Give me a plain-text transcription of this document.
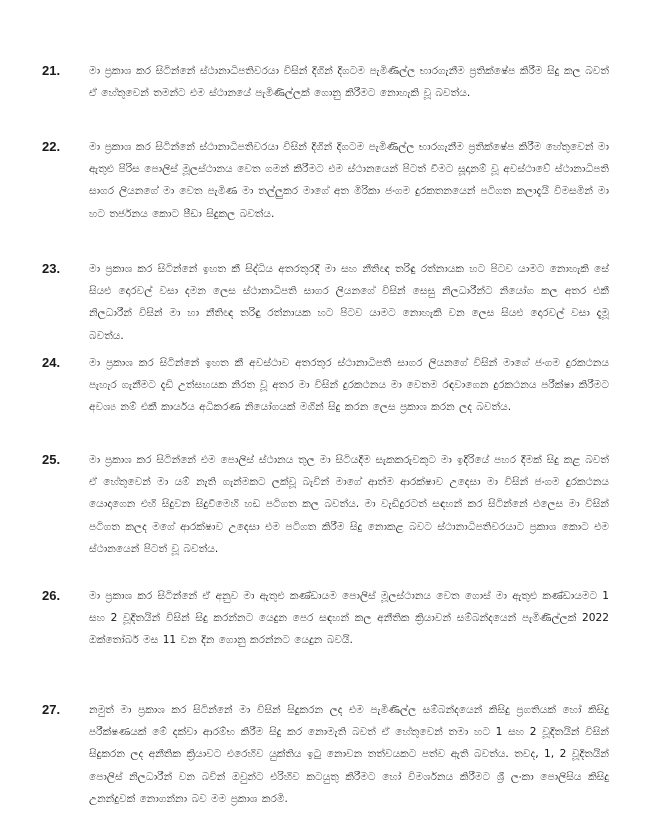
21.	මා ප්‍රකාශ කර සිටින්නේ ස්ථානාධිපතිවරයා විසින් දිගින් දිගටම පැමිණිල්ල භාරගැනීම ප්‍රතික්ෂේප කිරීම සිදු කල බවත් ඒ හේතුවෙන් තමන්ට එම ස්ථානයේ පැමිණිල්ලක් ගොනු කිරීමට නොහැකි වූ බවත්ය.
22.	මා ප්‍රකාශ කර සිටින්නේ ස්ථානාධිපතිවරයා විසින් දිගින් දිගටම පැමිණිල්ල භාරගැනීම ප්‍රතික්ෂේප කිරීම හේතුවෙන් මා ඇතුළු පිරිස පොලිස් මූලස්ථානය වෙත ගමන් කිරීමට එම ස්ථානයෙන් පිටත් වීමට සූදානම් වූ අවස්ථාවේ ස්ථානාධිපති සාගර ලියනගේ මා වෙත පැමිණ මා තල්ලුකර මාගේ අත මිරිකා ජංගම දුරකතනයෙන් පටිගත කලාදැයි විමසමින් මා හට තර්ජනය කොට පීඩා සිදුකල බවත්ය.
23.	මා ප්‍රකාශ කර සිටින්නේ ඉහත කී සිද්ධිය අතරතුරදී මා සහ නීතිඥ තරිඳු රත්නායක හට පිටව යාමට නොහැකි සේ සියළු දොරවල් වසා දමන ලෙස ස්ථානාධිපති සාගර ලියනගේ විසින් සෙසු නිලධාරීන්ට නියෝග කල අතර එකී නිලධාරීන් විසින් මා හා නීතිඥ තරිඳු රත්නායක හට පිටව යාමට නොහැකි වන ලෙස සියළු දොරවල් වසා දැමූ බවත්ය.
24.	මා ප්‍රකාශ කර සිටින්නේ ඉහත කී අවස්ථාව අතරතුර ස්ථානාධිපති සාගර ලියනගේ විසින් මාගේ ජංගම දුරකථනය පැහැර ගැනීමට දැඩි උත්සහයක නිරත වූ අතර මා විසින් දුරකථනය මා වෙතම රඳවාගෙන දුරකථනය පරීක්ෂා කිරීමට අවශ්‍ය නම් එකී කාර්යය අධිකරණ නියෝගයක් මගින් සිදු කරන ලෙස ප්‍රකාශ කරන ලද බවත්ය.
25.	මා ප්‍රකාශ කර සිටින්නේ එම පොලිස් ස්ථානය තුල මා සිටියදීම සැකකරුවකුට මා ඉදිරියේ පහර දීමක් සිදු කළ බවත් ඒ හේතුවෙන් මා යම් නැති ගැන්මකට ලක්වූ බැවින් මාගේ ආත්ම ආරක්ෂාව උදෙසා මා විසින් ජංගම දුරකථනය යොදාගෙන එහි සිදුවන සිදුවීමෙහි හඩ පටිගත කල බවත්ය. මා වැඩිදුරටත් සඳහන් කර සිටින්නේ එලෙස මා විසින් පටිගත කලද මගේ ආරක්ෂාව උදෙසා එම පටිගත කිරීම සිදු නොකළ බවට ස්ථානාධිපතිවරයාට ප්‍රකාශ කොට එම ස්ථානයෙන් පිටත් වූ බවත්ය.
26.	මා ප්‍රකාශ කර සිටින්නේ ඒ අනුව මා ඇතුළු කණ්ඩායම පොලිස් මූලස්ථානය වෙත ගොස් මා ඇතුළු කණ්ඩායමට 1 සහ 2 වූදිතයින් විසින් සිදු කරන්නට යෙදුන පෙර සඳහන් කල අනීතික ක්‍රියාවන් සම්බන්දයෙන් පැමිණිල්ලක් 2022 ඔක්තෝබර් මස 11 වන දින ගොනු කරන්නට යෙදුන බවයි.
27.	නමුත් මා ප්‍රකාශ කර සිටින්නේ මා විසින් සිදුකරන ලද එම පැමිණිල්ල සම්බන්දයෙන් කිසිදු ප්‍රගතියක් හෝ කිසිදු පරීක්ෂණයක් මේ දක්වා ආරම්භ කිරීම සිදු කර නොමැති බවත් ඒ හේතුවෙන් තමා හට 1 සහ 2 වූදිතයින් විසින් සිදුකරන ලද අනීතික ක්‍රියාවට එරෙහිව යුක්තිය ඉටු නොවන තත්වයකට පත්ව ඇති බවත්ය. තවද, 1, 2 වූදිතයින් පොලිස් නිලධාරීන් වන බවින් ඔවුන්ට එරිහිව කටයුතු කිරීමට හෝ විමර්ශනය කිරීමට ශ්‍රී ලංකා පොලිසිය කිසිදු උනන්දුවක් නොගන්නා බව මම ප්‍රකාශ කරමි.
